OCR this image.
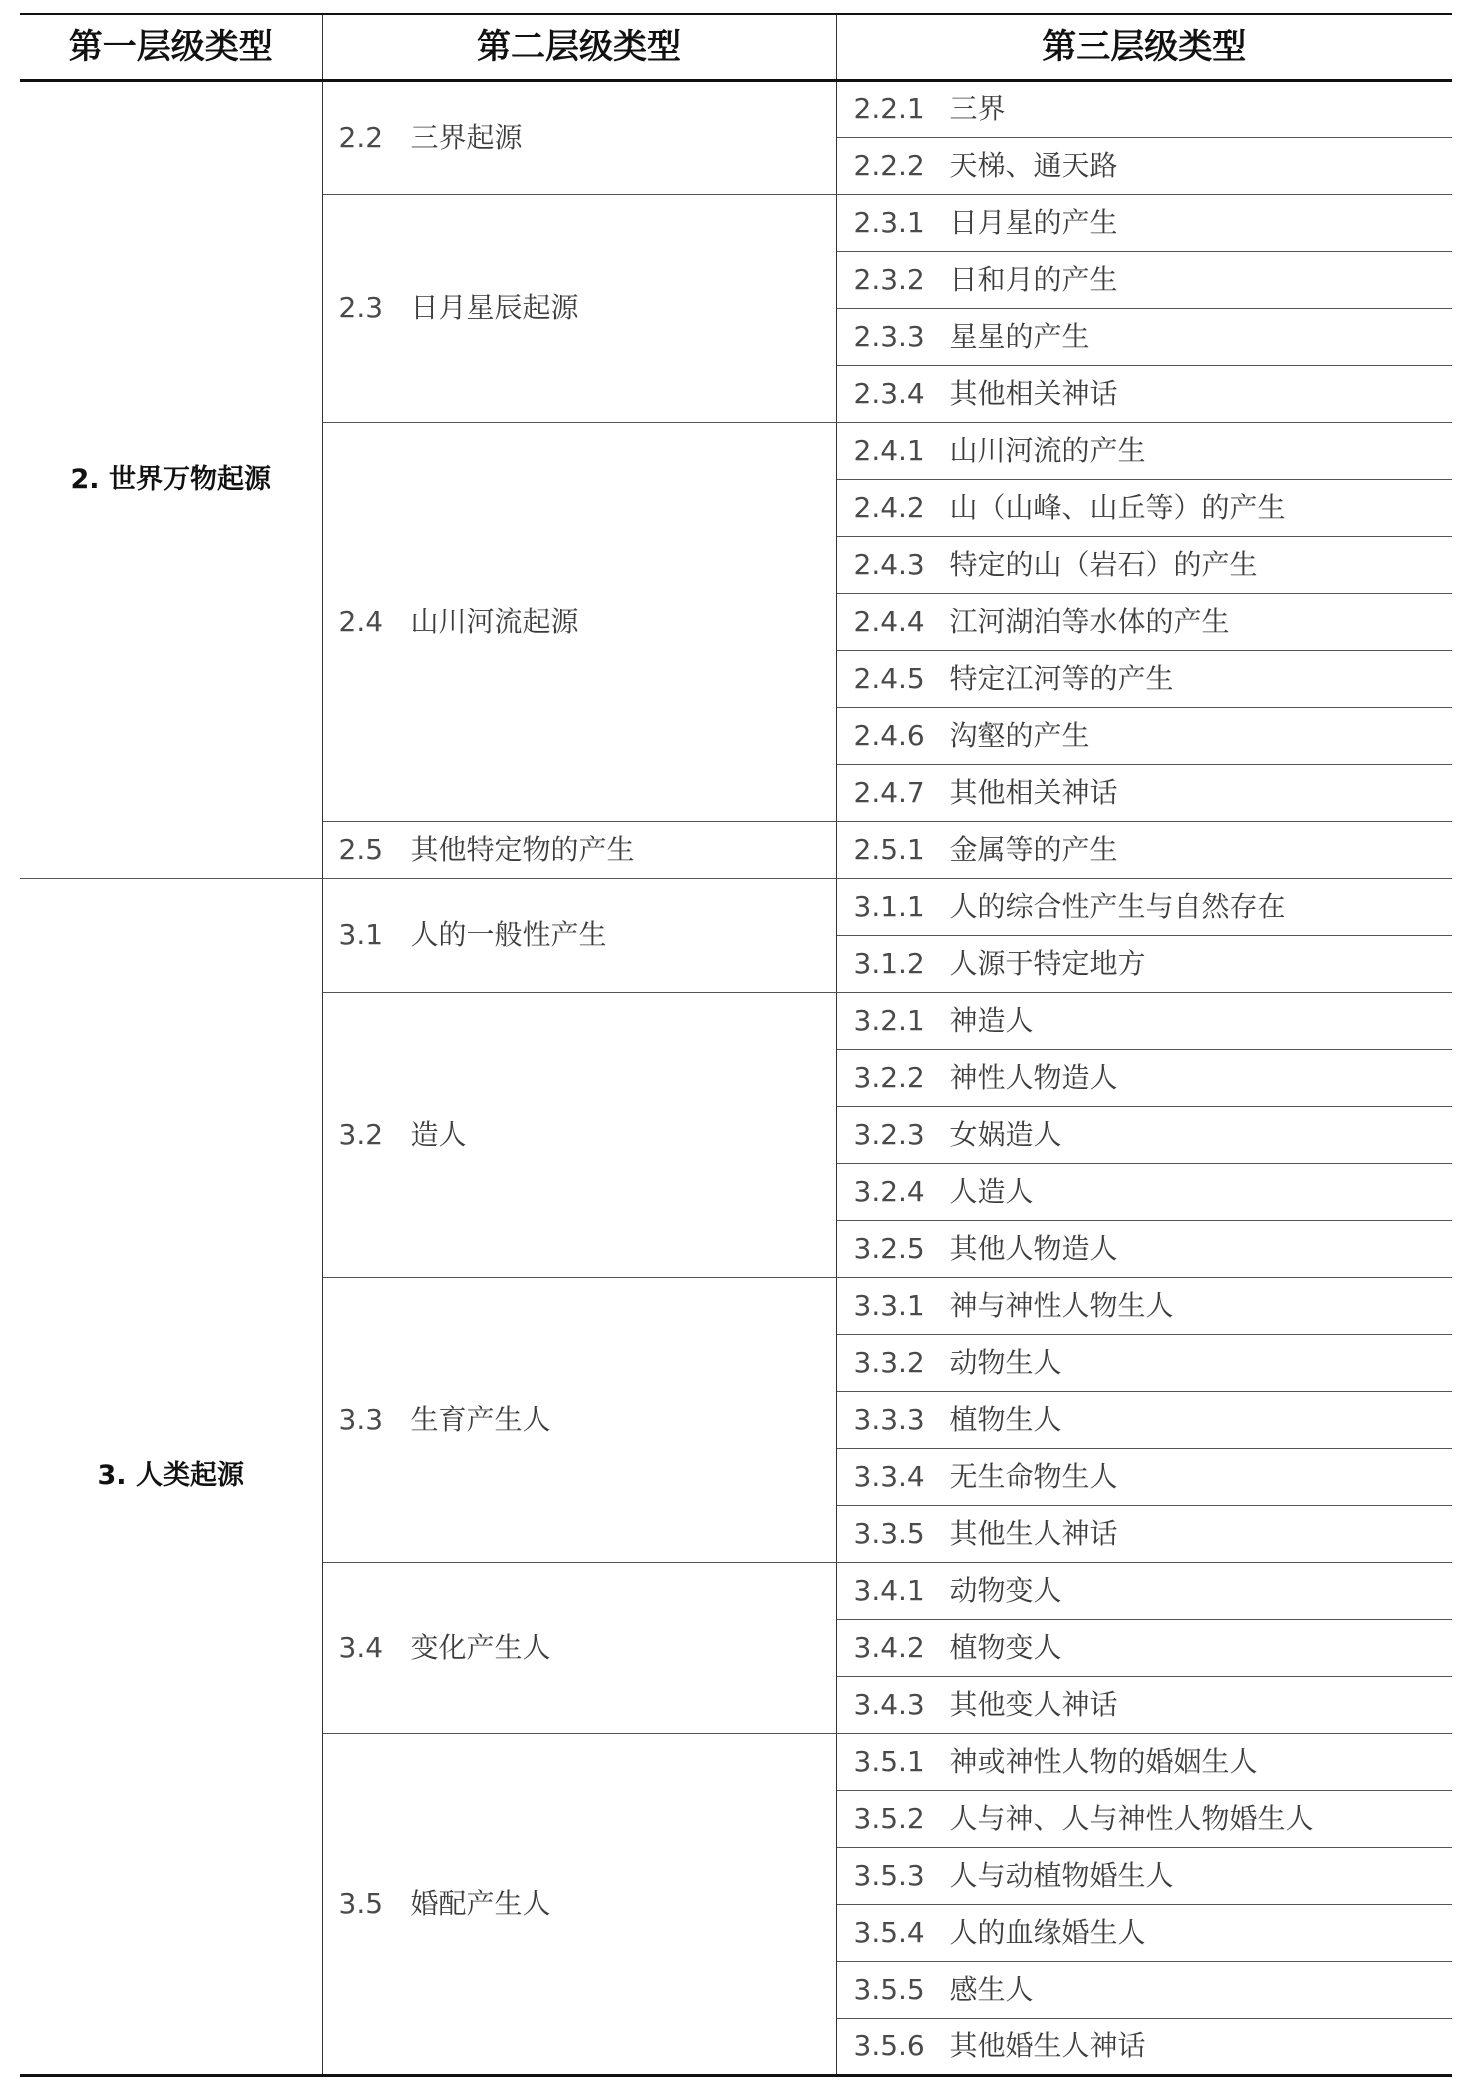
第一层级类型	第二层级类型	第三层级类型
2. 世界万物起源	2.2 三界起源	2.2.1 三界
		2.2.2 天梯、通天路
	2.3 日月星辰起源	2.3.1 日月星的产生
		2.3.2 日和月的产生
		2.3.3 星星的产生
		2.3.4 其他相关神话
	2.4 山川河流起源	2.4.1 山川河流的产生
		2.4.2 山（山峰、山丘等）的产生
		2.4.3 特定的山（岩石）的产生
		2.4.4 江河湖泊等水体的产生
		2.4.5 特定江河等的产生
		2.4.6 沟壑的产生
		2.4.7 其他相关神话
	2.5 其他特定物的产生	2.5.1 金属等的产生
3. 人类起源	3.1 人的一般性产生	3.1.1 人的综合性产生与自然存在
		3.1.2 人源于特定地方
	3.2 造人	3.2.1 神造人
		3.2.2 神性人物造人
		3.2.3 女娲造人
		3.2.4 人造人
		3.2.5 其他人物造人
	3.3 生育产生人	3.3.1 神与神性人物生人
		3.3.2 动物生人
		3.3.3 植物生人
		3.3.4 无生命物生人
		3.3.5 其他生人神话
	3.4 变化产生人	3.4.1 动物变人
		3.4.2 植物变人
		3.4.3 其他变人神话
	3.5 婚配产生人	3.5.1 神或神性人物的婚姻生人
		3.5.2 人与神、人与神性人物婚生人
		3.5.3 人与动植物婚生人
		3.5.4 人的血缘婚生人
		3.5.5 感生人
		3.5.6 其他婚生人神话
